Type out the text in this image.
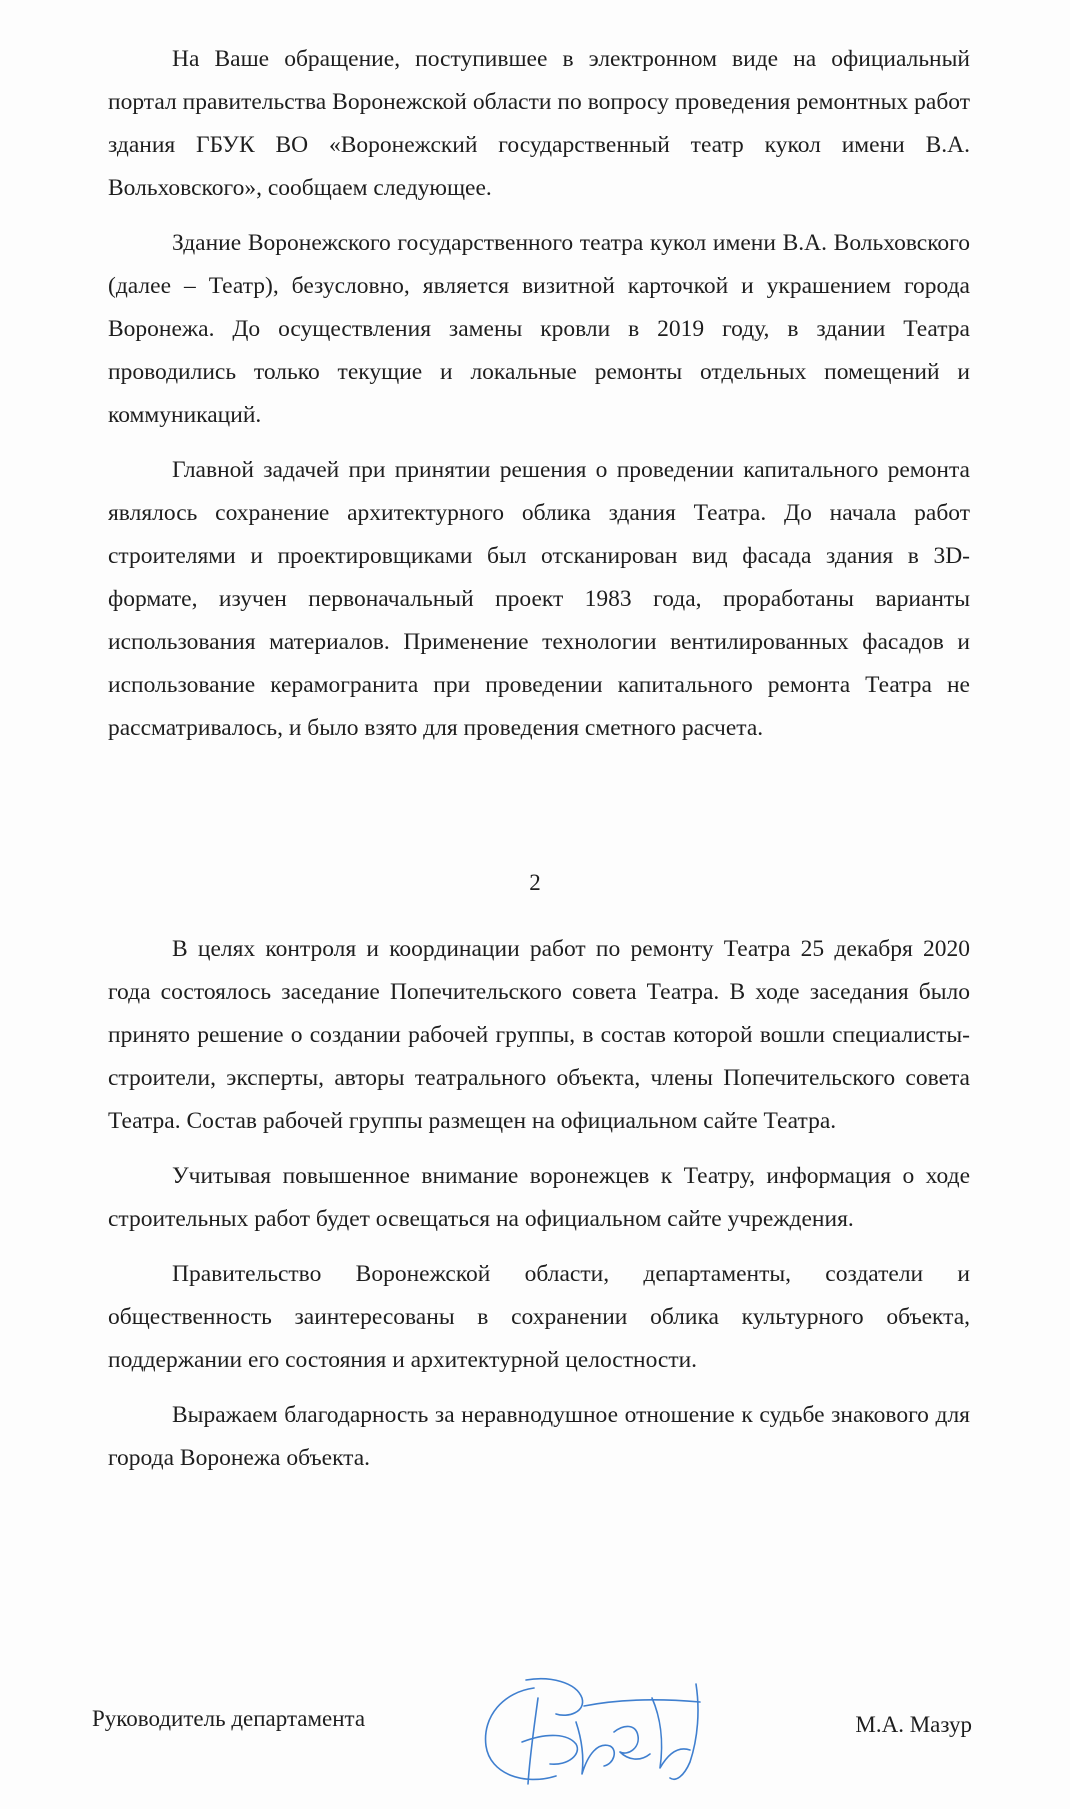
На Ваше обращение, поступившее в электронном виде на официальный портал правительства Воронежской области по вопросу проведения ремонтных работ здания ГБУК ВО «Воронежский государственный театр кукол имени В.А. Вольховского», сообщаем следующее.

Здание Воронежского государственного театра кукол имени В.А. Вольховского (далее – Театр), безусловно, является визитной карточкой и украшением города Воронежа. До осуществления замены кровли в 2019 году, в здании Театра проводились только текущие и локальные ремонты отдельных помещений и коммуникаций.

Главной задачей при принятии решения о проведении капитального ремонта являлось сохранение архитектурного облика здания Театра. До начала работ строителями и проектировщиками был отсканирован вид фасада здания в 3D-формате, изучен первоначальный проект 1983 года, проработаны варианты использования материалов. Применение технологии вентилированных фасадов и использование керамогранита при проведении капитального ремонта Театра не рассматривалось, и было взято для проведения сметного расчета.

2

В целях контроля и координации работ по ремонту Театра 25 декабря 2020 года состоялось заседание Попечительского совета Театра. В ходе заседания было принято решение о создании рабочей группы, в состав которой вошли специалисты-строители, эксперты, авторы театрального объекта, члены Попечительского совета Театра. Состав рабочей группы размещен на официальном сайте Театра.

Учитывая повышенное внимание воронежцев к Театру, информация о ходе строительных работ будет освещаться на официальном сайте учреждения.

Правительство Воронежской области, департаменты, создатели и общественность заинтересованы в сохранении облика культурного объекта, поддержании его состояния и архитектурной целостности.

Выражаем благодарность за неравнодушное отношение к судьбе знакового для города Воронежа объекта.

Руководитель департамента	М.А. Мазур
